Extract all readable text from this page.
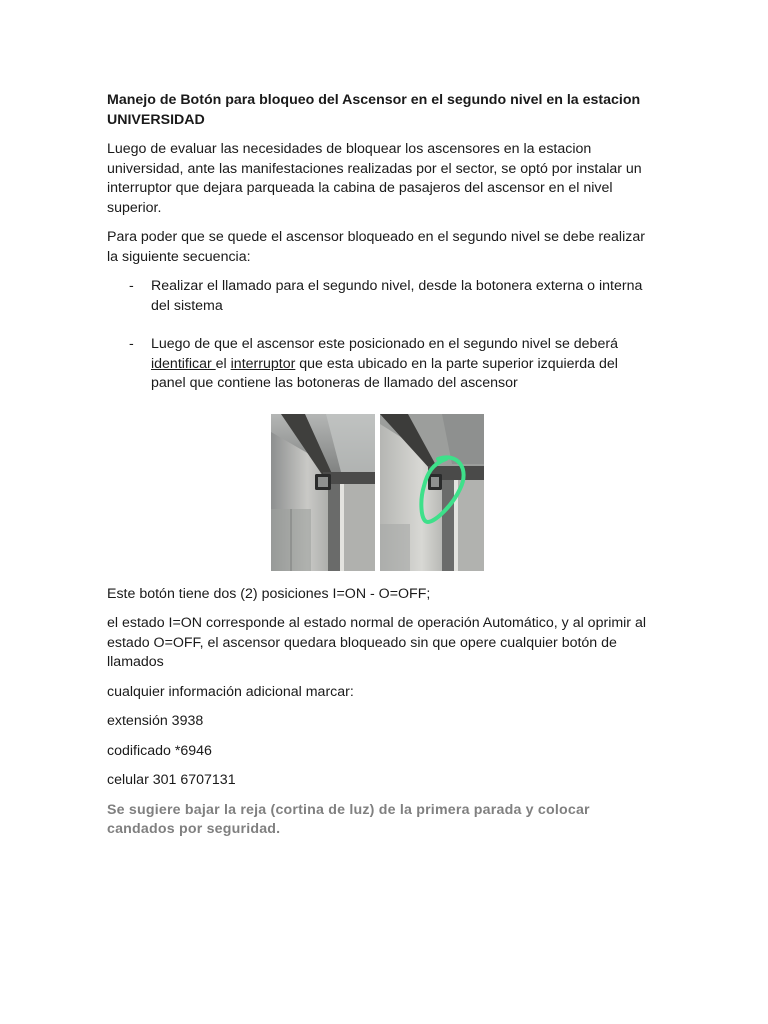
Manejo de Botón para bloqueo del Ascensor en el segundo nivel en la estacion UNIVERSIDAD

Luego de evaluar las necesidades de bloquear los ascensores en la estacion universidad, ante las manifestaciones realizadas por el sector, se optó por instalar un interruptor que dejara parqueada la cabina de pasajeros del ascensor en el nivel superior.

Para poder que se quede el ascensor bloqueado en el segundo nivel se debe realizar la siguiente secuencia:

- Realizar el llamado para el segundo nivel, desde la botonera externa o interna del sistema
- Luego de que el ascensor este posicionado en el segundo nivel se deberá identificar el interruptor que esta ubicado en la parte superior izquierda del panel que contiene las botoneras de llamado del ascensor

Este botón tiene dos (2) posiciones I=ON - O=OFF;

el estado I=ON corresponde al estado normal de operación Automático, y al oprimir al estado O=OFF, el ascensor quedara bloqueado sin que opere cualquier botón de llamados

cualquier información adicional marcar:

extensión 3938

codificado *6946

celular 301 6707131

Se sugiere bajar la reja (cortina de luz) de la primera parada y colocar candados por seguridad.
